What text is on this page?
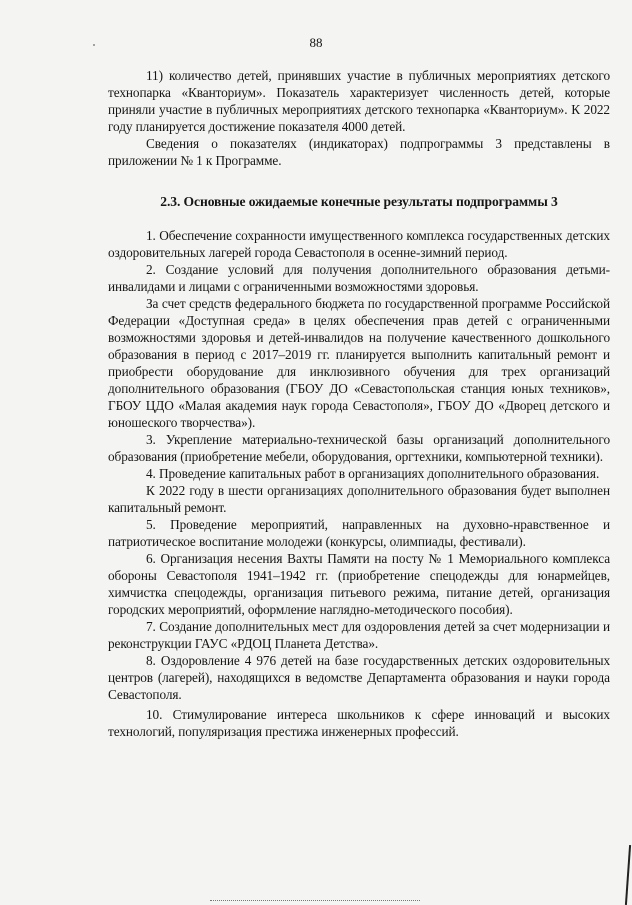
88

11) количество детей, принявших участие в публичных мероприятиях детского технопарка «Кванториум». Показатель характеризует численность детей, которые приняли участие в публичных мероприятиях детского технопарка «Кванториум». К 2022 году планируется достижение показателя 4000 детей.

Сведения о показателях (индикаторах) подпрограммы 3 представлены в приложении № 1 к Программе.

2.3. Основные ожидаемые конечные результаты подпрограммы 3

1. Обеспечение сохранности имущественного комплекса государственных детских оздоровительных лагерей города Севастополя в осенне-зимний период.

2. Создание условий для получения дополнительного образования детьми-инвалидами и лицами с ограниченными возможностями здоровья.

За счет средств федерального бюджета по государственной программе Российской Федерации «Доступная среда» в целях обеспечения прав детей с ограниченными возможностями здоровья и детей-инвалидов на получение качественного дошкольного образования в период с 2017–2019 гг. планируется выполнить капитальный ремонт и приобрести оборудование для инклюзивного обучения для трех организаций дополнительного образования (ГБОУ ДО «Севастопольская станция юных техников», ГБОУ ЦДО «Малая академия наук города Севастополя», ГБОУ ДО «Дворец детского и юношеского творчества»).

3. Укрепление материально-технической базы организаций дополнительного образования (приобретение мебели, оборудования, оргтехники, компьютерной техники).

4. Проведение капитальных работ в организациях дополнительного образования.

К 2022 году в шести организациях дополнительного образования будет выполнен капитальный ремонт.

5. Проведение мероприятий, направленных на духовно-нравственное и патриотическое воспитание молодежи (конкурсы, олимпиады, фестивали).

6. Организация несения Вахты Памяти на посту № 1 Мемориального комплекса обороны Севастополя 1941–1942 гг. (приобретение спецодежды для юнармейцев, химчистка спецодежды, организация питьевого режима, питание детей, организация городских мероприятий, оформление наглядно-методического пособия).

7. Создание дополнительных мест для оздоровления детей за счет модернизации и реконструкции ГАУС «РДОЦ Планета Детства».

8. Оздоровление 4 976 детей на базе государственных детских оздоровительных центров (лагерей), находящихся в ведомстве Департамента образования и науки города Севастополя.

10. Стимулирование интереса школьников к сфере инноваций и высоких технологий, популяризация престижа инженерных профессий.
